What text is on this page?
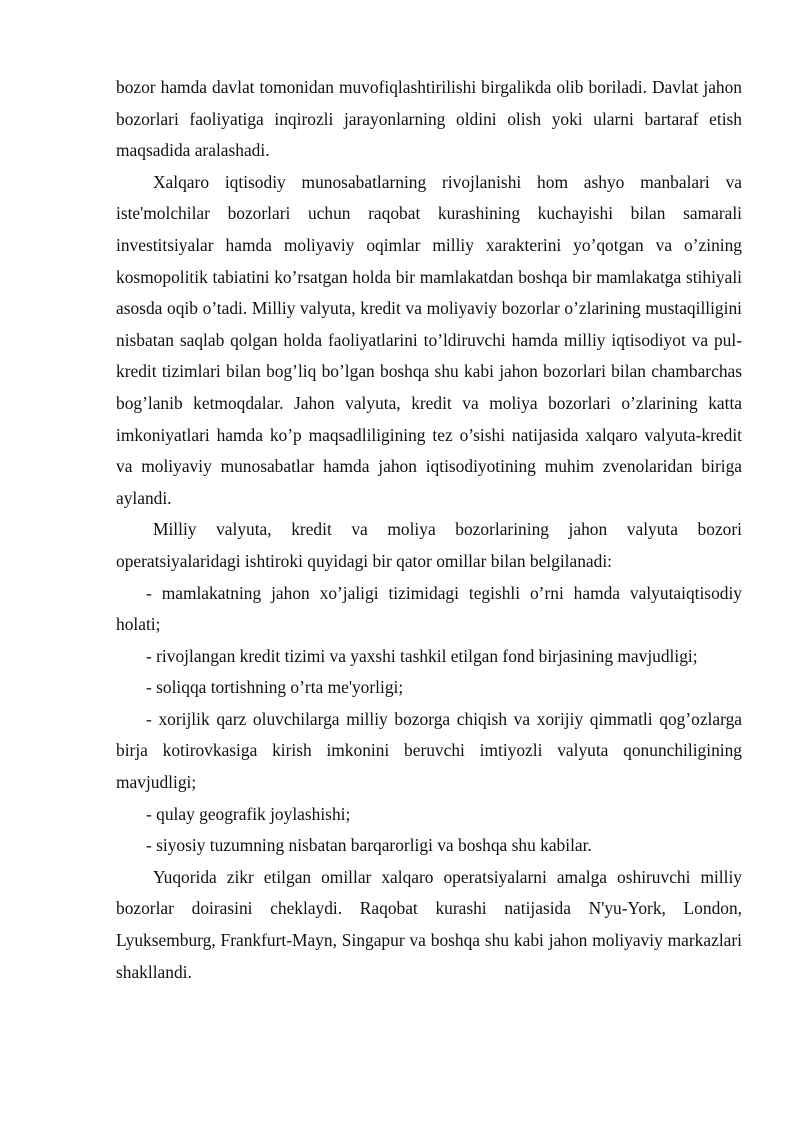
bozor hamda davlat tomonidan muvofiqlashtirilishi birgalikda olib boriladi. Davlat jahon bozorlari faoliyatiga inqirozli jarayonlarning oldini olish yoki ularni bartaraf etish maqsadida aralashadi.

Xalqaro iqtisodiy munosabatlarning rivojlanishi hom ashyo manbalari va iste'molchilar bozorlari uchun raqobat kurashining kuchayishi bilan samarali investitsiyalar hamda moliyaviy oqimlar milliy xarakterini yo’qotgan va o’zining kosmopolitik tabiatini ko’rsatgan holda bir mamlakatdan boshqa bir mamlakatga stihiyali asosda oqib o’tadi. Milliy valyuta, kredit va moliyaviy bozorlar o’zlarining mustaqilligini nisbatan saqlab qolgan holda faoliyatlarini to’ldiruvchi hamda milliy iqtisodiyot va pul-kredit tizimlari bilan bog’liq bo’lgan boshqa shu kabi jahon bozorlari bilan chambarchas bog’lanib ketmoqdalar. Jahon valyuta, kredit va moliya bozorlari o’zlarining katta imkoniyatlari hamda ko’p maqsadliligining tez o’sishi natijasida xalqaro valyuta-kredit va moliyaviy munosabatlar hamda jahon iqtisodiyotining muhim zvenolaridan biriga aylandi.

Milliy valyuta, kredit va moliya bozorlarining jahon valyuta bozori operatsiyalaridagi ishtiroki quyidagi bir qator omillar bilan belgilanadi:

- mamlakatning jahon xo’jaligi tizimidagi tegishli o’rni hamda valyutaiqtisodiy holati;

- rivojlangan kredit tizimi va yaxshi tashkil etilgan fond birjasining mavjudligi;

- soliqqa tortishning o’rta me'yorligi;

- xorijlik qarz oluvchilarga milliy bozorga chiqish va xorijiy qimmatli qog’ozlarga birja kotirovkasiga kirish imkonini beruvchi imtiyozli valyuta qonunchiligining mavjudligi;

- qulay geografik joylashishi;

- siyosiy tuzumning nisbatan barqarorligi va boshqa shu kabilar.

Yuqorida zikr etilgan omillar xalqaro operatsiyalarni amalga oshiruvchi milliy bozorlar doirasini cheklaydi. Raqobat kurashi natijasida N'yu-York, London, Lyuksemburg, Frankfurt-Mayn, Singapur va boshqa shu kabi jahon moliyaviy markazlari shakllandi.
